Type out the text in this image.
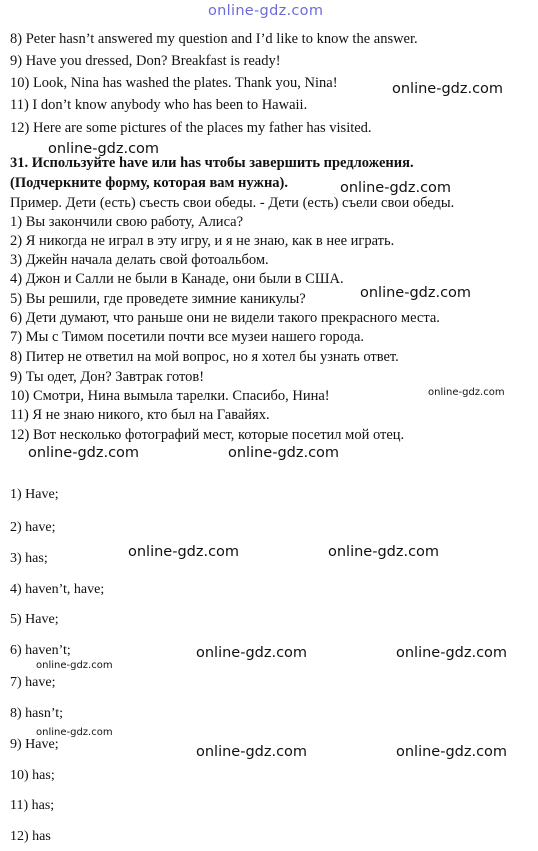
online-gdz.com
8) Peter hasn’t answered my question and I’d like to know the answer.
9) Have you dressed, Don? Breakfast is ready!
10) Look, Nina has washed the plates. Thank you, Nina!
11) I don’t know anybody who has been to Hawaii.
12) Here are some pictures of the places my father has visited.
31. Используйте have или has чтобы завершить предложения.
(Подчеркните форму, которая вам нужна).
Пример. Дети (есть) съесть свои обеды. - Дети (есть) съели свои обеды.
1) Вы закончили свою работу, Алиса?
2) Я никогда не играл в эту игру, и я не знаю, как в нее играть.
3) Джейн начала делать свой фотоальбом.
4) Джон и Салли не были в Канаде, они были в США.
5) Вы решили, где проведете зимние каникулы?
6) Дети думают, что раньше они не видели такого прекрасного места.
7) Мы с Тимом посетили почти все музеи нашего города.
8) Питер не ответил на мой вопрос, но я хотел бы узнать ответ.
9) Ты одет, Дон? Завтрак готов!
10) Смотри, Нина вымыла тарелки. Спасибо, Нина!
11) Я не знаю никого, кто был на Гавайях.
12) Вот несколько фотографий мест, которые посетил мой отец.
1) Have;
2) have;
3) has;
4) haven’t, have;
5) Have;
6) haven’t;
7) have;
8) hasn’t;
9) Have;
10) has;
11) has;
12) has
online-gdz.com
online-gdz.com
online-gdz.com
online-gdz.com
online-gdz.com
online-gdz.com	online-gdz.com
online-gdz.com	online-gdz.com
online-gdz.com	online-gdz.com
online-gdz.com
online-gdz.com
online-gdz.com	online-gdz.com
